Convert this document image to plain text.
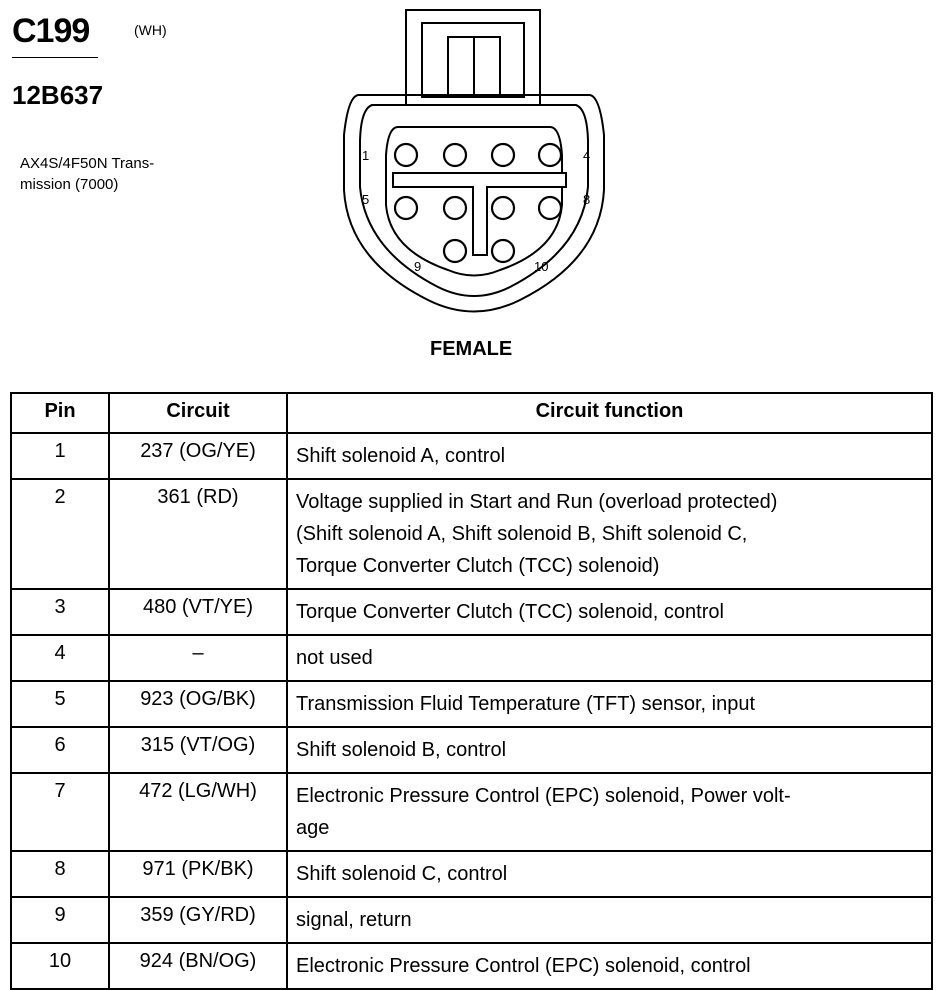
C199	(WH)
12B637
AX4S/4F50N Trans-
mission (7000)
1	4
5	8
9	10
FEMALE
Pin	Circuit	Circuit function
1	237 (OG/YE)	Shift solenoid A, control

2	361 (RD)	Voltage supplied in Start and Run (overload protected)
(Shift solenoid A, Shift solenoid B, Shift solenoid C,
Torque Converter Clutch (TCC) solenoid)

3	480 (VT/YE)	Torque Converter Clutch (TCC) solenoid, control

4	–	not used

5	923 (OG/BK)	Transmission Fluid Temperature (TFT) sensor, input

6	315 (VT/OG)	Shift solenoid B, control

7	472 (LG/WH)	Electronic Pressure Control (EPC) solenoid, Power volt-
age

8	971 (PK/BK)	Shift solenoid C, control

9	359 (GY/RD)	signal, return

10	924 (BN/OG)	Electronic Pressure Control (EPC) solenoid, control
